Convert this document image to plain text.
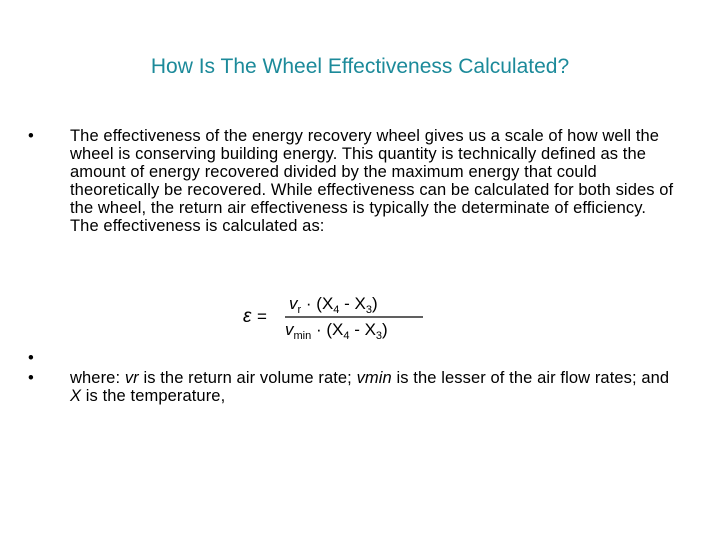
How Is The Wheel Effectiveness Calculated?
•	The effectiveness of the energy recovery wheel gives us a scale of how well the wheel is conserving building energy. This quantity is technically defined as the amount of energy recovered divided by the maximum energy that could theoretically be recovered. While effectiveness can be calculated for both sides of the wheel, the return air effectiveness is typically the determinate of efficiency. The effectiveness is calculated as:
ε =
$v_r \cdot (X_4 - X_3)$
$v_{min} \cdot (X_4 - X_3)$
•
•	where: vr is the return air volume rate; vmin is the lesser of the air flow rates; and X is the temperature,
